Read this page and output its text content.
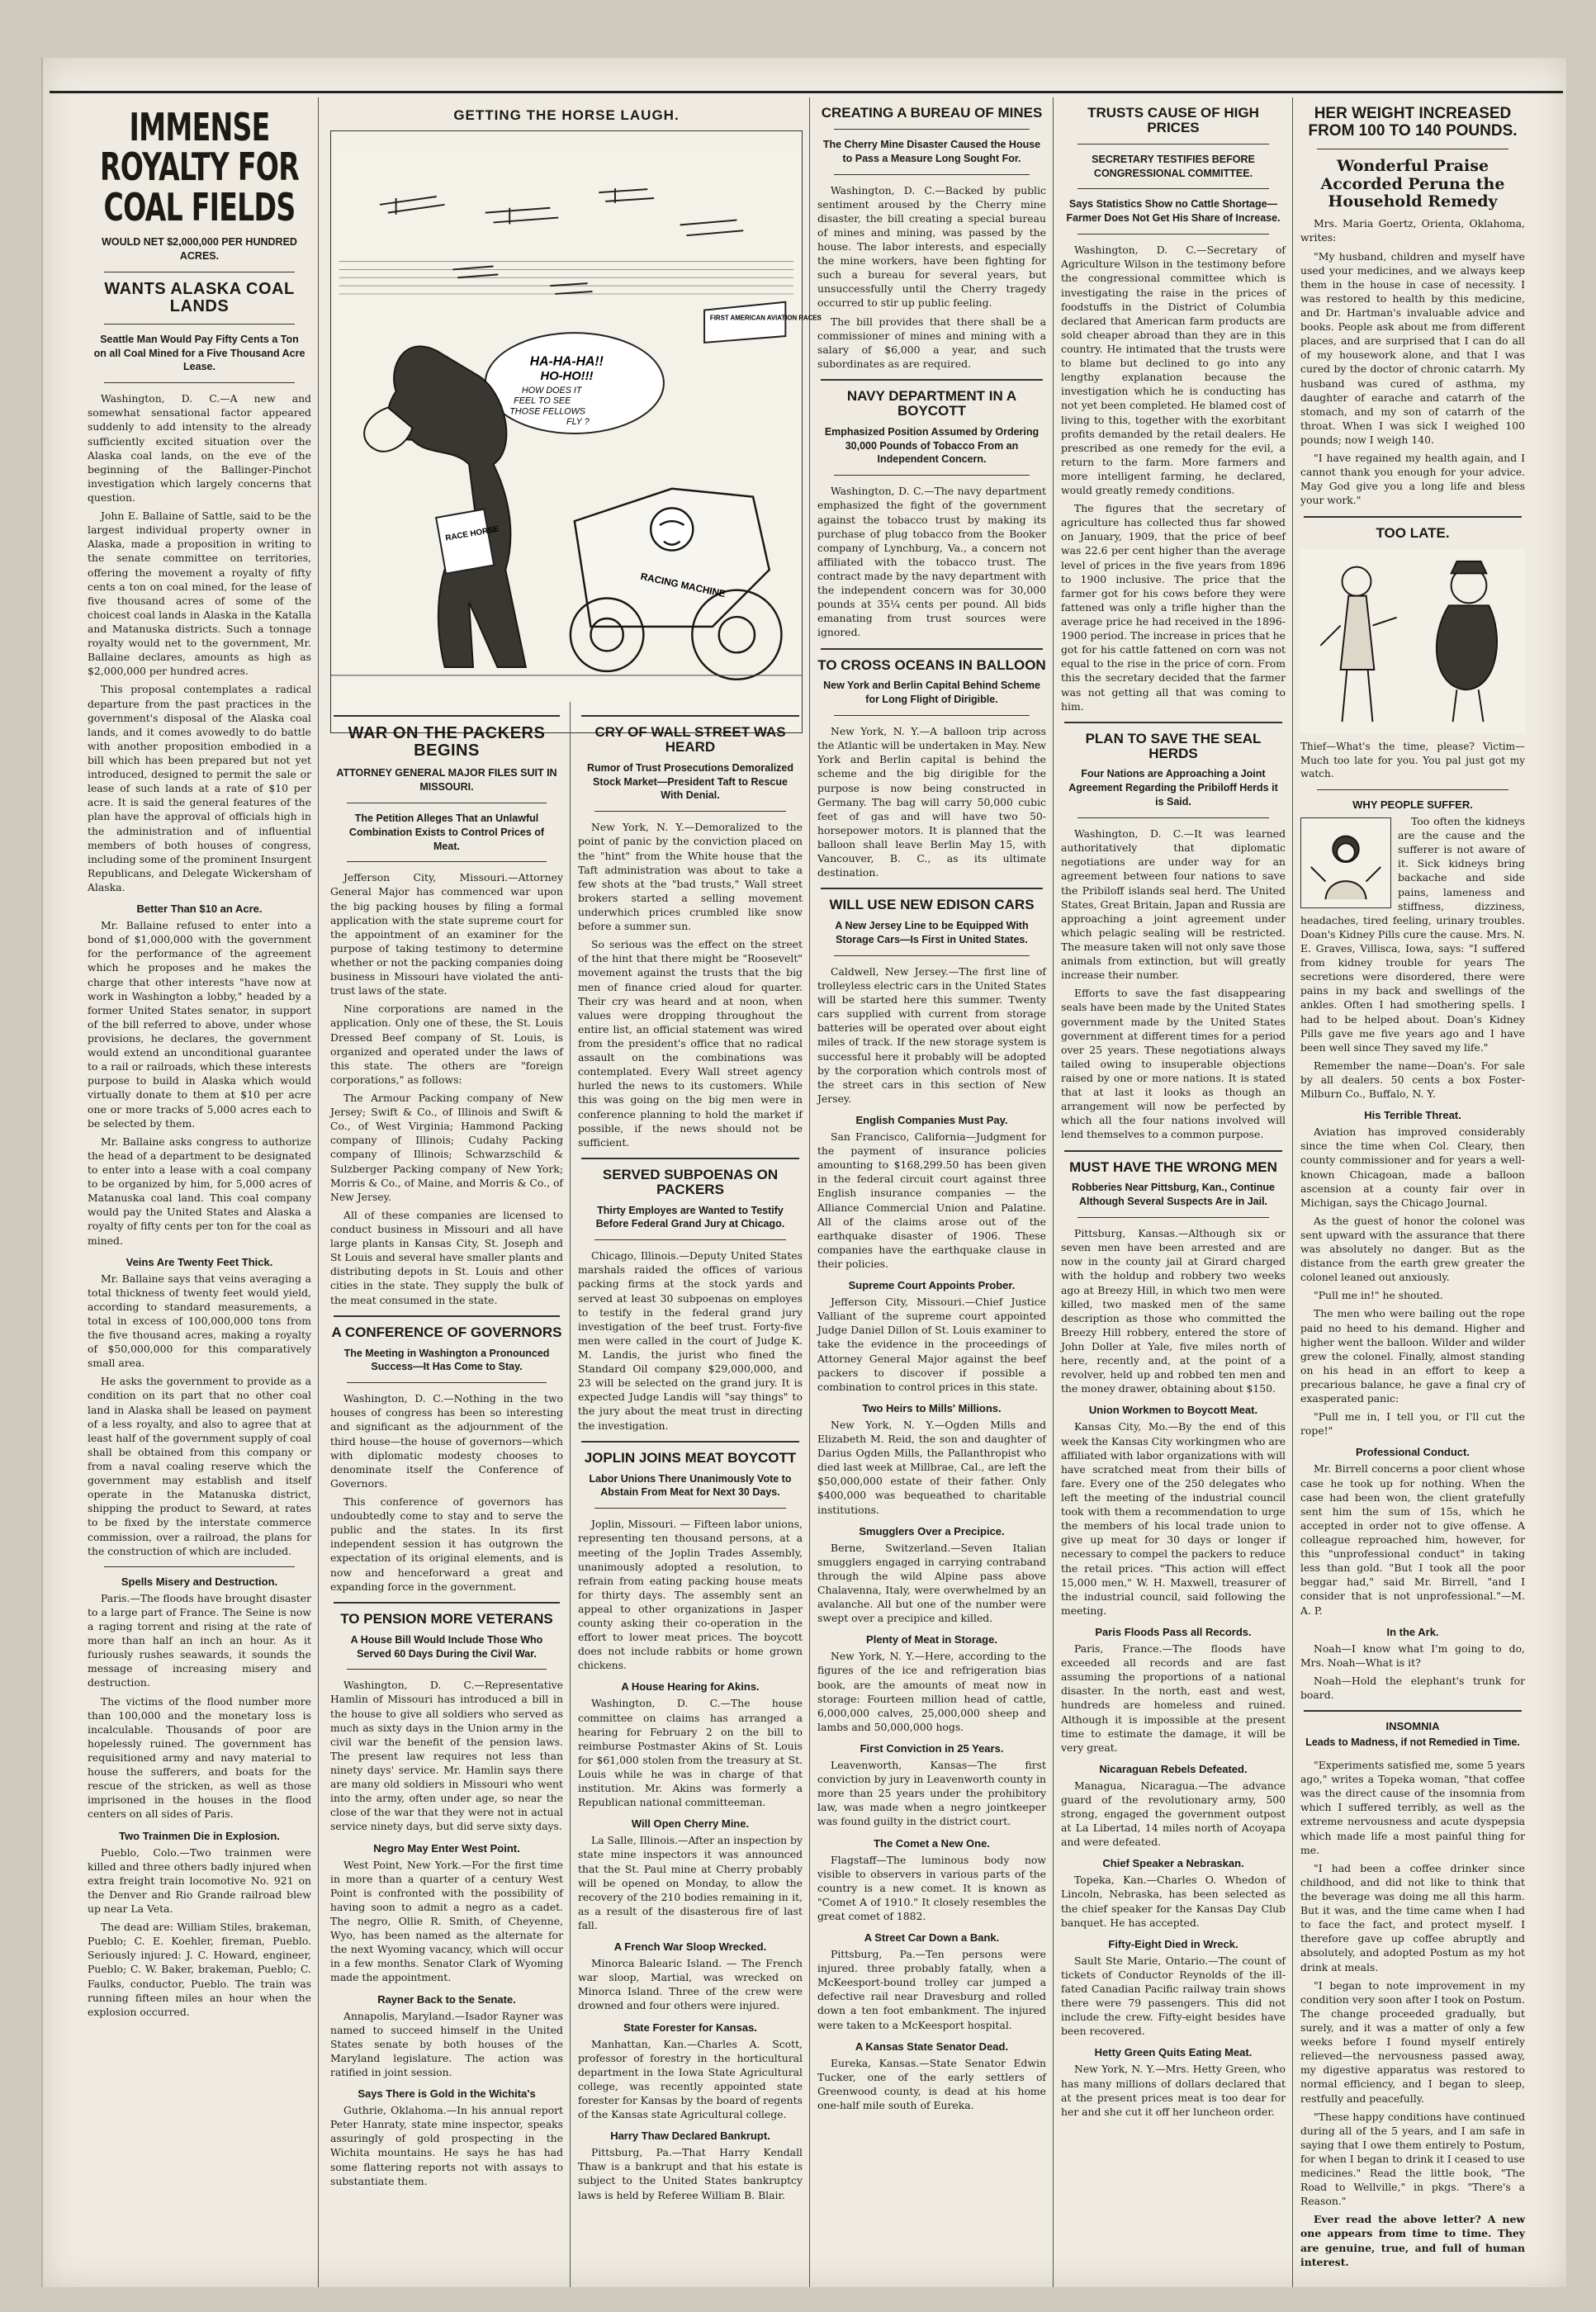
IMMENSE ROYALTY FOR COAL FIELDS
WOULD NET $2,000,000 PER HUNDRED ACRES.
WANTS ALASKA COAL LANDS
Seattle Man Would Pay Fifty Cents a Ton on all Coal Mined for a Five Thousand Acre Lease.

Washington, D. C.—A new and somewhat sensational factor appeared suddenly to add intensity to the already sufficiently excited situation over the Alaska coal lands, on the eve of the beginning of the Ballinger-Pinchot investigation which largely concerns that question.

John E. Ballaine of Sattle, said to be the largest individual property owner in Alaska, made a proposition in writing to the senate committee on territories, offering the movement a royalty of fifty cents a ton on coal mined, for the lease of five thousand acres of some of the choicest coal lands in Alaska in the Katalla and Matanuska districts. Such a tonnage royalty would net to the government, Mr. Ballaine declares, amounts as high as $2,000,000 per hundred acres.

This proposal contemplates a radical departure from the past practices in the government's disposal of the Alaska coal lands, and it comes avowedly to do battle with another proposition embodied in a bill which has been prepared but not yet introduced, designed to permit the sale or lease of such lands at a rate of $10 per acre. It is said the general features of the plan have the approval of officials high in the administration and of influential members of both houses of congress, including some of the prominent Insurgent Republicans, and Delegate Wickersham of Alaska.

Better Than $10 an Acre.

Mr. Ballaine refused to enter into a bond of $1,000,000 with the government for the performance of the agreement which he proposes and he makes the charge that other interests "have now at work in Washington a lobby," headed by a former United States senator, in support of the bill referred to above, under whose provisions, he declares, the government would extend an unconditional guarantee to a rail or railroads, which these interests purpose to build in Alaska which would virtually donate to them at $10 per acre one or more tracks of 5,000 acres each to be selected by them.

Mr. Ballaine asks congress to authorize the head of a department to be designated to enter into a lease with a coal company to be organized by him, for 5,000 acres of Matanuska coal land. This coal company would pay the United States and Alaska a royalty of fifty cents per ton for the coal as mined.

Veins Are Twenty Feet Thick.

Mr. Ballaine says that veins averaging a total thickness of twenty feet would yield, according to standard measurements, a total in excess of 100,000,000 tons from the five thousand acres, making a royalty of $50,000,000 for this comparatively small area.

He asks the government to provide as a condition on its part that no other coal land in Alaska shall be leased on payment of a less royalty, and also to agree that at least half of the government supply of coal shall be obtained from this company or from a naval coaling reserve which the government may establish and itself operate in the Matanuska district, shipping the product to Seward, at rates to be fixed by the interstate commerce commission, over a railroad, the plans for the construction of which are included.

Spells Misery and Destruction.

Paris.—The floods have brought disaster to a large part of France. The Seine is now a raging torrent and rising at the rate of more than half an inch an hour. As it furiously rushes seawards, it sounds the message of increasing misery and destruction.

The victims of the flood number more than 100,000 and the monetary loss is incalculable. Thousands of poor are hopelessly ruined. The government has requisitioned army and navy material to house the sufferers, and boats for the rescue of the stricken, as well as those imprisoned in the houses in the flood centers on all sides of Paris.

Two Trainmen Die in Explosion.

Pueblo, Colo.—Two trainmen were killed and three others badly injured when extra freight train locomotive No. 921 on the Denver and Rio Grande railroad blew up near La Veta.

The dead are: William Stiles, brakeman, Pueblo; C. E. Koehler, fireman, Pueblo. Seriously injured: J. C. Howard, engineer, Pueblo; C. W. Baker, brakeman, Pueblo; C. Faulks, conductor, Pueblo. The train was running fifteen miles an hour when the explosion occurred.

GETTING THE HORSE LAUGH.
FIRST AMERICAN AVIATION RACES
HA-HA-HA!!
HO-HO!!!
HOW DOES IT
FEEL TO SEE
THOSE FELLOWS
FLY ?
RACE HORSE
RACING MACHINE
WAR ON THE PACKERS BEGINS
ATTORNEY GENERAL MAJOR FILES SUIT IN MISSOURI.
The Petition Alleges That an Unlawful Combination Exists to Control Prices of Meat.

Jefferson City, Missouri.—Attorney General Major has commenced war upon the big packing houses by filing a formal application with the state supreme court for the appointment of an examiner for the purpose of taking testimony to determine whether or not the packing companies doing business in Missouri have violated the anti-trust laws of the state.

Nine corporations are named in the application. Only one of these, the St. Louis Dressed Beef company of St. Louis, is organized and operated under the laws of this state. The others are "foreign corporations," as follows:

The Armour Packing company of New Jersey; Swift & Co., of Illinois and Swift & Co., of West Virginia; Hammond Packing company of Illinois; Cudahy Packing company of Illinois; Schwarzschild & Sulzberger Packing company of New York; Morris & Co., of Maine, and Morris & Co., of New Jersey.

All of these companies are licensed to conduct business in Missouri and all have large plants in Kansas City, St. Joseph and St Louis and several have smaller plants and distributing depots in St. Louis and other cities in the state. They supply the bulk of the meat consumed in the state.

A CONFERENCE OF GOVERNORS
The Meeting in Washington a Pronounced Success—It Has Come to Stay.

Washington, D. C.—Nothing in the two houses of congress has been so interesting and significant as the adjournment of the third house—the house of governors—which with diplomatic modesty chooses to denominate itself the Conference of Governors.

This conference of governors has undoubtedly come to stay and to serve the public and the states. In its first independent session it has outgrown the expectation of its original elements, and is now and henceforward a great and expanding force in the government.

TO PENSION MORE VETERANS
A House Bill Would Include Those Who Served 60 Days During the Civil War.

Washington, D. C.—Representative Hamlin of Missouri has introduced a bill in the house to give all soldiers who served as much as sixty days in the Union army in the civil war the benefit of the pension laws. The present law requires not less than ninety days' service. Mr. Hamlin says there are many old soldiers in Missouri who went into the army, often under age, so near the close of the war that they were not in actual service ninety days, but did serve sixty days.

Negro May Enter West Point.

West Point, New York.—For the first time in more than a quarter of a century West Point is confronted with the possibility of having soon to admit a negro as a cadet. The negro, Ollie R. Smith, of Cheyenne, Wyo, has been named as the alternate for the next Wyoming vacancy, which will occur in a few months. Senator Clark of Wyoming made the appointment.

Rayner Back to the Senate.

Annapolis, Maryland.—Isador Rayner was named to succeed himself in the United States senate by both houses of the Maryland legislature. The action was ratified in joint session.

Says There is Gold in the Wichita's

Guthrie, Oklahoma.—In his annual report Peter Hanraty, state mine inspector, speaks assuringly of gold prospecting in the Wichita mountains. He says he has had some flattering reports not with assays to substantiate them.

CRY OF WALL STREET WAS HEARD
Rumor of Trust Prosecutions Demoralized Stock Market—President Taft to Rescue With Denial.

New York, N. Y.—Demoralized to the point of panic by the conviction placed on the "hint" from the White house that the Taft administration was about to take a few shots at the "bad trusts," Wall street brokers started a selling movement underwhich prices crumbled like snow before a summer sun.

So serious was the effect on the street of the hint that there might be "Roosevelt" movement against the trusts that the big men of finance cried aloud for quarter. Their cry was heard and at noon, when values were dropping throughout the entire list, an official statement was wired from the president's office that no radical assault on the combinations was contemplated. Every Wall street agency hurled the news to its customers. While this was going on the big men were in conference planning to hold the market if possible, if the news should not be sufficient.

SERVED SUBPOENAS ON PACKERS
Thirty Employes are Wanted to Testify Before Federal Grand Jury at Chicago.

Chicago, Illinois.—Deputy United States marshals raided the offices of various packing firms at the stock yards and served at least 30 subpoenas on employes to testify in the federal grand jury investigation of the beef trust. Forty-five men were called in the court of Judge K. M. Landis, the jurist who fined the Standard Oil company $29,000,000, and 23 will be selected on the grand jury. It is expected Judge Landis will "say things" to the jury about the meat trust in directing the investigation.

JOPLIN JOINS MEAT BOYCOTT
Labor Unions There Unanimously Vote to Abstain From Meat for Next 30 Days.

Joplin, Missouri. — Fifteen labor unions, representing ten thousand persons, at a meeting of the Joplin Trades Assembly, unanimously adopted a resolution, to refrain from eating packing house meats for thirty days. The assembly sent an appeal to other organizations in Jasper county asking their co-operation in the effort to lower meat prices. The boycott does not include rabbits or home grown chickens.

A House Hearing for Akins.

Washington, D. C.—The house committee on claims has arranged a hearing for February 2 on the bill to reimburse Postmaster Akins of St. Louis for $61,000 stolen from the treasury at St. Louis while he was in charge of that institution. Mr. Akins was formerly a Republican national committeeman.

Will Open Cherry Mine.

La Salle, Illinois.—After an inspection by state mine inspectors it was announced that the St. Paul mine at Cherry probably will be opened on Monday, to allow the recovery of the 210 bodies remaining in it, as a result of the disasterous fire of last fall.

A French War Sloop Wrecked.

Minorca Balearic Island. — The French war sloop, Martial, was wrecked on Minorca Island. Three of the crew were drowned and four others were injured.

State Forester for Kansas.

Manhattan, Kan.—Charles A. Scott, professor of forestry in the horticultural department in the Iowa State Agricultural college, was recently appointed state forester for Kansas by the board of regents of the Kansas state Agricultural college.

Harry Thaw Declared Bankrupt.

Pittsburg, Pa.—That Harry Kendall Thaw is a bankrupt and that his estate is subject to the United States bankruptcy laws is held by Referee William B. Blair.

CREATING A BUREAU OF MINES
The Cherry Mine Disaster Caused the House to Pass a Measure Long Sought For.

Washington, D. C.—Backed by public sentiment aroused by the Cherry mine disaster, the bill creating a special bureau of mines and mining, was passed by the house. The labor interests, and especially the mine workers, have been fighting for such a bureau for several years, but unsuccessfully until the Cherry tragedy occurred to stir up public feeling.

The bill provides that there shall be a commissioner of mines and mining with a salary of $6,000 a year, and such subordinates as are required.

NAVY DEPARTMENT IN A BOYCOTT
Emphasized Position Assumed by Ordering 30,000 Pounds of Tobacco From an Independent Concern.

Washington, D. C.—The navy department emphasized the fight of the government against the tobacco trust by making its purchase of plug tobacco from the Booker company of Lynchburg, Va., a concern not affiliated with the tobacco trust. The contract made by the navy department with the independent concern was for 30,000 pounds at 35¼ cents per pound. All bids emanating from trust sources were ignored.

TO CROSS OCEANS IN BALLOON
New York and Berlin Capital Behind Scheme for Long Flight of Dirigible.

New York, N. Y.—A balloon trip across the Atlantic will be undertaken in May. New York and Berlin capital is behind the scheme and the big dirigible for the purpose is now being constructed in Germany. The bag will carry 50,000 cubic feet of gas and will have two 50-horsepower motors. It is planned that the balloon shall leave Berlin May 15, with Vancouver, B. C., as its ultimate destination.

WILL USE NEW EDISON CARS
A New Jersey Line to be Equipped With Storage Cars—Is First in United States.

Caldwell, New Jersey.—The first line of trolleyless electric cars in the United States will be started here this summer. Twenty cars supplied with current from storage batteries will be operated over about eight miles of track. If the new storage system is successful here it probably will be adopted by the corporation which controls most of the street cars in this section of New Jersey.

English Companies Must Pay.

San Francisco, California—Judgment for the payment of insurance policies amounting to $168,299.50 has been given in the federal circuit court against three English insurance companies — the Alliance Commercial Union and Palatine. All of the claims arose out of the earthquake disaster of 1906. These companies have the earthquake clause in their policies.

Supreme Court Appoints Prober.

Jefferson City, Missouri.—Chief Justice Valliant of the supreme court appointed Judge Daniel Dillon of St. Louis examiner to take the evidence in the proceedings of Attorney General Major against the beef packers to discover if possible a combination to control prices in this state.

Two Heirs to Mills' Millions.

New York, N. Y.—Ogden Mills and Elizabeth M. Reid, the son and daughter of Darius Ogden Mills, the Pallanthropist who died last week at Millbrae, Cal., are left the $50,000,000 estate of their father. Only $400,000 was bequeathed to charitable institutions.

Smugglers Over a Precipice.

Berne, Switzerland.—Seven Italian smugglers engaged in carrying contraband through the wild Alpine pass above Chalavenna, Italy, were overwhelmed by an avalanche. All but one of the number were swept over a precipice and killed.

Plenty of Meat in Storage.

New York, N. Y.—Here, according to the figures of the ice and refrigeration bias book, are the amounts of meat now in storage: Fourteen million head of cattle, 6,000,000 calves, 25,000,000 sheep and lambs and 50,000,000 hogs.

First Conviction in 25 Years.

Leavenworth, Kansas—The first conviction by jury in Leavenworth county in more than 25 years under the prohibitory law, was made when a negro jointkeeper was found guilty in the district court.

The Comet a New One.

Flagstaff—The luminous body now visible to observers in various parts of the country is a new comet. It is known as "Comet A of 1910." It closely resembles the great comet of 1882.

A Street Car Down a Bank.

Pittsburg, Pa.—Ten persons were injured. three probably fatally, when a McKeesport-bound trolley car jumped a defective rail near Dravesburg and rolled down a ten foot embankment. The injured were taken to a McKeesport hospital.

A Kansas State Senator Dead.

Eureka, Kansas.—State Senator Edwin Tucker, one of the early settlers of Greenwood county, is dead at his home one-half mile south of Eureka.

TRUSTS CAUSE OF HIGH PRICES
SECRETARY TESTIFIES BEFORE CONGRESSIONAL COMMITTEE.
Says Statistics Show no Cattle Shortage—Farmer Does Not Get His Share of Increase.

Washington, D. C.—Secretary of Agriculture Wilson in the testimony before the congressional committee which is investigating the raise in the prices of foodstuffs in the District of Columbia declared that American farm products are sold cheaper abroad than they are in this country. He intimated that the trusts were to blame but declined to go into any lengthy explanation because the investigation which he is conducting has not yet been completed. He blamed cost of living to this, together with the exorbitant profits demanded by the retail dealers. He prescribed as one remedy for the evil, a return to the farm. More farmers and more intelligent farming, he declared, would greatly remedy conditions.

The figures that the secretary of agriculture has collected thus far showed on January, 1909, that the price of beef was 22.6 per cent higher than the average level of prices in the five years from 1896 to 1900 inclusive. The price that the farmer got for his cows before they were fattened was only a trifle higher than the average price he had received in the 1896-1900 period. The increase in prices that he got for his cattle fattened on corn was not equal to the rise in the price of corn. From this the secretary decided that the farmer was not getting all that was coming to him.

PLAN TO SAVE THE SEAL HERDS
Four Nations are Approaching a Joint Agreement Regarding the Pribiloff Herds it is Said.

Washington, D. C.—It was learned authoritatively that diplomatic negotiations are under way for an agreement between four nations to save the Pribiloff islands seal herd. The United States, Great Britain, Japan and Russia are approaching a joint agreement under which pelagic sealing will be restricted. The measure taken will not only save those animals from extinction, but will greatly increase their number.

Efforts to save the fast disappearing seals have been made by the United States government made by the United States government at different times for a period over 25 years. These negotiations always tailed owing to insuperable objections raised by one or more nations. It is stated that at last it looks as though an arrangement will now be perfected by which all the four nations involved will lend themselves to a common purpose.

MUST HAVE THE WRONG MEN
Robberies Near Pittsburg, Kan., Continue Although Several Suspects Are in Jail.

Pittsburg, Kansas.—Although six or seven men have been arrested and are now in the county jail at Girard charged with the holdup and robbery two weeks ago at Breezy Hill, in which two men were killed, two masked men of the same description as those who committed the Breezy Hill robbery, entered the store of John Doller at Yale, five miles north of here, recently and, at the point of a revolver, held up and robbed ten men and the money drawer, obtaining about $150.

Union Workmen to Boycott Meat.

Kansas City, Mo.—By the end of this week the Kansas City workingmen who are affiliated with labor organizations with will have scratched meat from their bills of fare. Every one of the 250 delegates who left the meeting of the industrial council took with them a recommendation to urge the members of his local trade union to give up meat for 30 days or longer if necessary to compel the packers to reduce the retail prices. "This action will effect 15,000 men," W. H. Maxwell, treasurer of the industrial council, said following the meeting.

Paris Floods Pass all Records.

Paris, France.—The floods have exceeded all records and are fast assuming the proportions of a national disaster. In the north, east and west, hundreds are homeless and ruined. Although it is impossible at the present time to estimate the damage, it will be very great.

Nicaraguan Rebels Defeated.

Managua, Nicaragua.—The advance guard of the revolutionary army, 500 strong, engaged the government outpost at La Libertad, 14 miles north of Acoyapa and were defeated.

Chief Speaker a Nebraskan.

Topeka, Kan.—Charles O. Whedon of Lincoln, Nebraska, has been selected as the chief speaker for the Kansas Day Club banquet. He has accepted.

Fifty-Eight Died in Wreck.

Sault Ste Marie, Ontario.—The count of tickets of Conductor Reynolds of the ill-fated Canadian Pacific railway train shows there were 79 passengers. This did not include the crew. Fifty-eight besides have been recovered.

Hetty Green Quits Eating Meat.

New York, N. Y.—Mrs. Hetty Green, who has many millions of dollars declared that at the present prices meat is too dear for her and she cut it off her luncheon order.

HER WEIGHT INCREASED FROM 100 TO 140 POUNDS.
Wonderful Praise Accorded Peruna the Household Remedy

Mrs. Maria Goertz, Orienta, Oklahoma, writes:

"My husband, children and myself have used your medicines, and we always keep them in the house in case of necessity. I was restored to health by this medicine, and Dr. Hartman's invaluable advice and books. People ask about me from different places, and are surprised that I can do all of my housework alone, and that I was cured by the doctor of chronic catarrh. My husband was cured of asthma, my daughter of earache and catarrh of the stomach, and my son of catarrh of the throat. When I was sick I weighed 100 pounds; now I weigh 140.

"I have regained my health again, and I cannot thank you enough for your advice. May God give you a long life and bless your work."

TOO LATE.

Thief—What's the time, please? Victim—Much too late for you. You pal just got my watch.

WHY PEOPLE SUFFER.

Too often the kidneys are the cause and the sufferer is not aware of it. Sick kidneys bring backache and side pains, lameness and stiffness, dizziness, headaches, tired feeling, urinary troubles. Doan's Kidney Pills cure the cause. Mrs. N. E. Graves, Villisca, Iowa, says: "I suffered from kidney trouble for years The secretions were disordered, there were pains in my back and swellings of the ankles. Often I had smothering spells. I had to be helped about. Doan's Kidney Pills gave me five years ago and I have been well since They saved my life."

Remember the name—Doan's. For sale by all dealers. 50 cents a box Foster-Milburn Co., Buffalo, N. Y.

His Terrible Threat.

Aviation has improved considerably since the time when Col. Cleary, then county commissioner and for years a well-known Chicagoan, made a balloon ascension at a county fair over in Michigan, says the Chicago Journal.

As the guest of honor the colonel was sent upward with the assurance that there was absolutely no danger. But as the distance from the earth grew greater the colonel leaned out anxiously.

"Pull me in!" he shouted.

The men who were bailing out the rope paid no heed to his demand. Higher and higher went the balloon. Wilder and wilder grew the colonel. Finally, almost standing on his head in an effort to keep a precarious balance, he gave a final cry of exasperated panic:

"Pull me in, I tell you, or I'll cut the rope!"

Professional Conduct.

Mr. Birrell concerns a poor client whose case he took up for nothing. When the case had been won, the client gratefully sent him the sum of 15s, which he accepted in order not to give offense. A colleague reproached him, however, for this "unprofessional conduct" in taking less than gold. "But I took all the poor beggar had," said Mr. Birrell, "and I consider that is not unprofessional."—M. A. P.

In the Ark.

Noah—I know what I'm going to do, Mrs. Noah—What is it?

Noah—Hold the elephant's trunk for board.

INSOMNIA
Leads to Madness, if not Remedied in Time.

"Experiments satisfied me, some 5 years ago," writes a Topeka woman, "that coffee was the direct cause of the insomnia from which I suffered terribly, as well as the extreme nervousness and acute dyspepsia which made life a most painful thing for me.

"I had been a coffee drinker since childhood, and did not like to think that the beverage was doing me all this harm. But it was, and the time came when I had to face the fact, and protect myself. I therefore gave up coffee abruptly and absolutely, and adopted Postum as my hot drink at meals.

"I began to note improvement in my condition very soon after I took on Postum. The change proceeded gradually, but surely, and it was a matter of only a few weeks before I found myself entirely relieved—the nervousness passed away, my digestive apparatus was restored to normal efficiency, and I began to sleep, restfully and peacefully.

"These happy conditions have continued during all of the 5 years, and I am safe in saying that I owe them entirely to Postum, for when I began to drink it I ceased to use medicines." Read the little book, "The Road to Wellville," in pkgs. "There's a Reason."

Ever read the above letter? A new one appears from time to time. They are genuine, true, and full of human interest.
